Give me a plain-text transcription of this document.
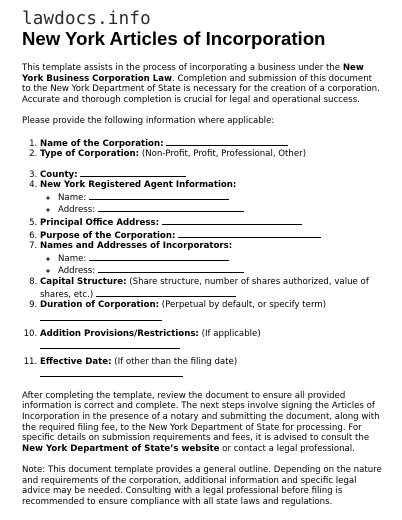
lawdocs.info
New York Articles of Incorporation

This template assists in the process of incorporating a business under the New York Business Corporation Law. Completion and submission of this document to the New York Department of State is necessary for the creation of a corporation. Accurate and thorough completion is crucial for legal and operational success.

Please provide the following information where applicable:

1. Name of the Corporation:
2. Type of Corporation: (Non-Profit, Profit, Professional, Other)
3. County:
4. New York Registered Agent Information:
◦ Name:
◦ Address:
5. Principal Office Address:
6. Purpose of the Corporation:
7. Names and Addresses of Incorporators:
◦ Name:
◦ Address:
8. Capital Structure: (Share structure, number of shares authorized, value of shares, etc.)
9. Duration of Corporation: (Perpetual by default, or specify term)
10. Addition Provisions/Restrictions: (If applicable)
11. Effective Date: (If other than the filing date)

After completing the template, review the document to ensure all provided information is correct and complete. The next steps involve signing the Articles of Incorporation in the presence of a notary and submitting the document, along with the required filing fee, to the New York Department of State for processing. For specific details on submission requirements and fees, it is advised to consult the New York Department of State’s website or contact a legal professional.

Note: This document template provides a general outline. Depending on the nature and requirements of the corporation, additional information and specific legal advice may be needed. Consulting with a legal professional before filing is recommended to ensure compliance with all state laws and regulations.
